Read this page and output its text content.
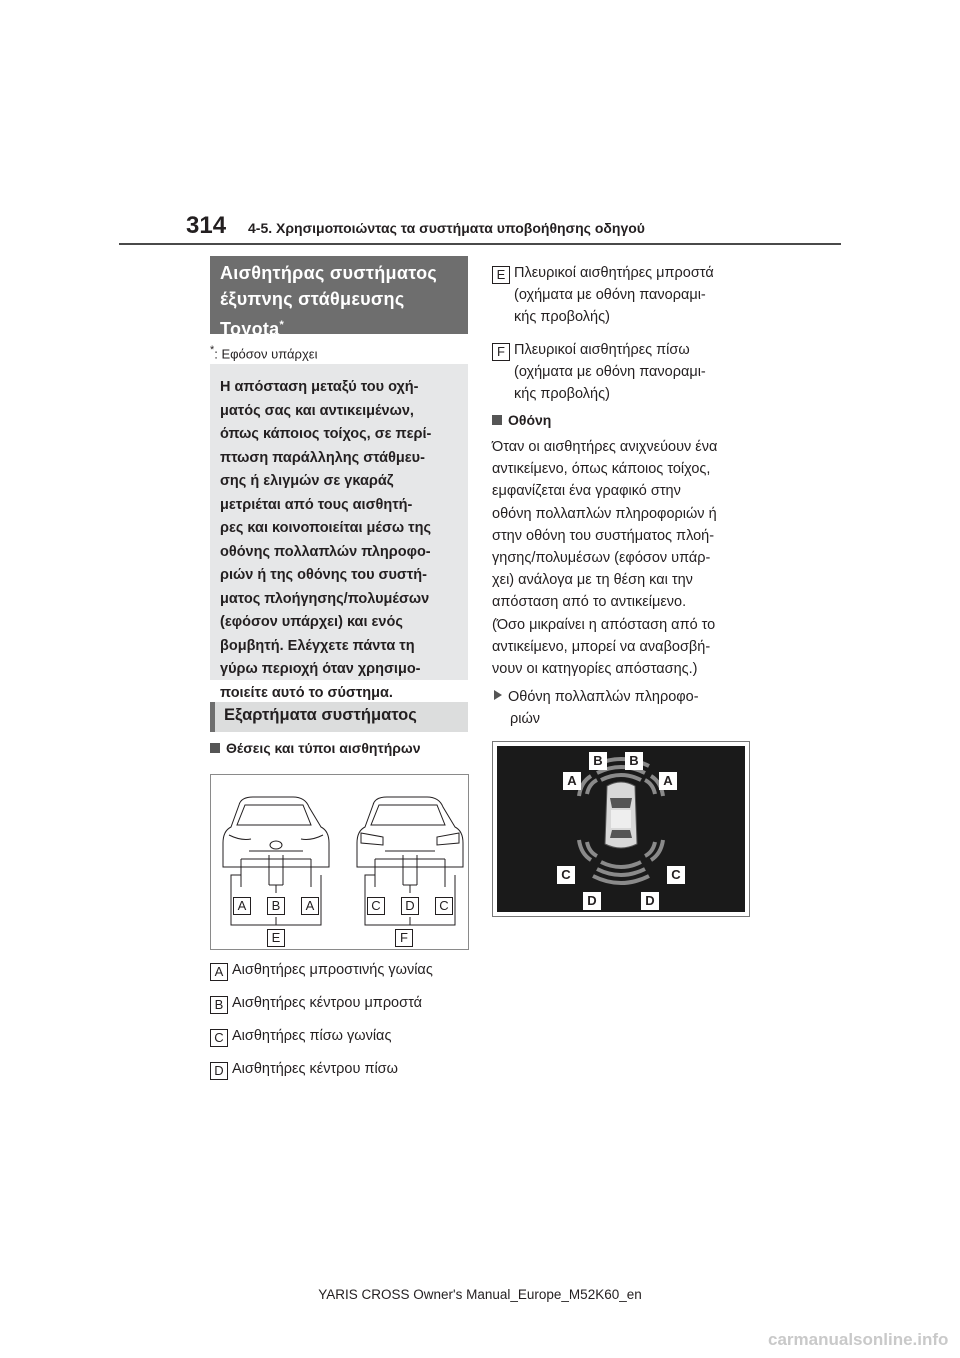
314 4-5. Χρησιμοποιώντας τα συστήματα υποβοήθησης οδηγού
Αισθητήρας συστήματος
έξυπνης στάθμευσης
Toyota*
*: Εφόσον υπάρχει
Η απόσταση μεταξύ του οχή-
ματός σας και αντικειμένων,
όπως κάποιος τοίχος, σε περί-
πτωση παράλληλης στάθμευ-
σης ή ελιγμών σε γκαράζ
μετριέται από τους αισθητή-
ρες και κοινοποιείται μέσω της
οθόνης πολλαπλών πληροφο-
ριών ή της οθόνης του συστή-
ματος πλοήγησης/πολυμέσων
(εφόσον υπάρχει) και ενός
βομβητή. Ελέγχετε πάντα τη
γύρω περιοχή όταν χρησιμο-
ποιείτε αυτό το σύστημα.
Εξαρτήματα συστήματος
Θέσεις και τύποι αισθητήρων
A B A	C D C
E	F
A Αισθητήρες μπροστινής γωνίας
B Αισθητήρες κέντρου μπροστά
C Αισθητήρες πίσω γωνίας
D Αισθητήρες κέντρου πίσω
E Πλευρικοί αισθητήρες μπροστά
(οχήματα με οθόνη πανοραμι-
κής προβολής)
F Πλευρικοί αισθητήρες πίσω
(οχήματα με οθόνη πανοραμι-
κής προβολής)
Οθόνη
Όταν οι αισθητήρες ανιχνεύουν ένα
αντικείμενο, όπως κάποιος τοίχος,
εμφανίζεται ένα γραφικό στην
οθόνη πολλαπλών πληροφοριών ή
στην οθόνη του συστήματος πλοή-
γησης/πολυμέσων (εφόσον υπάρ-
χει) ανάλογα με τη θέση και την
απόσταση από το αντικείμενο.
(Όσο μικραίνει η απόσταση από το
αντικείμενο, μπορεί να αναβοσβή-
νουν οι κατηγορίες απόστασης.)
Οθόνη πολλαπλών πληροφο-
ριών
B B
A	A
C	C
D	D
YARIS CROSS Owner's Manual_Europe_M52K60_en
carmanualsonline.info
